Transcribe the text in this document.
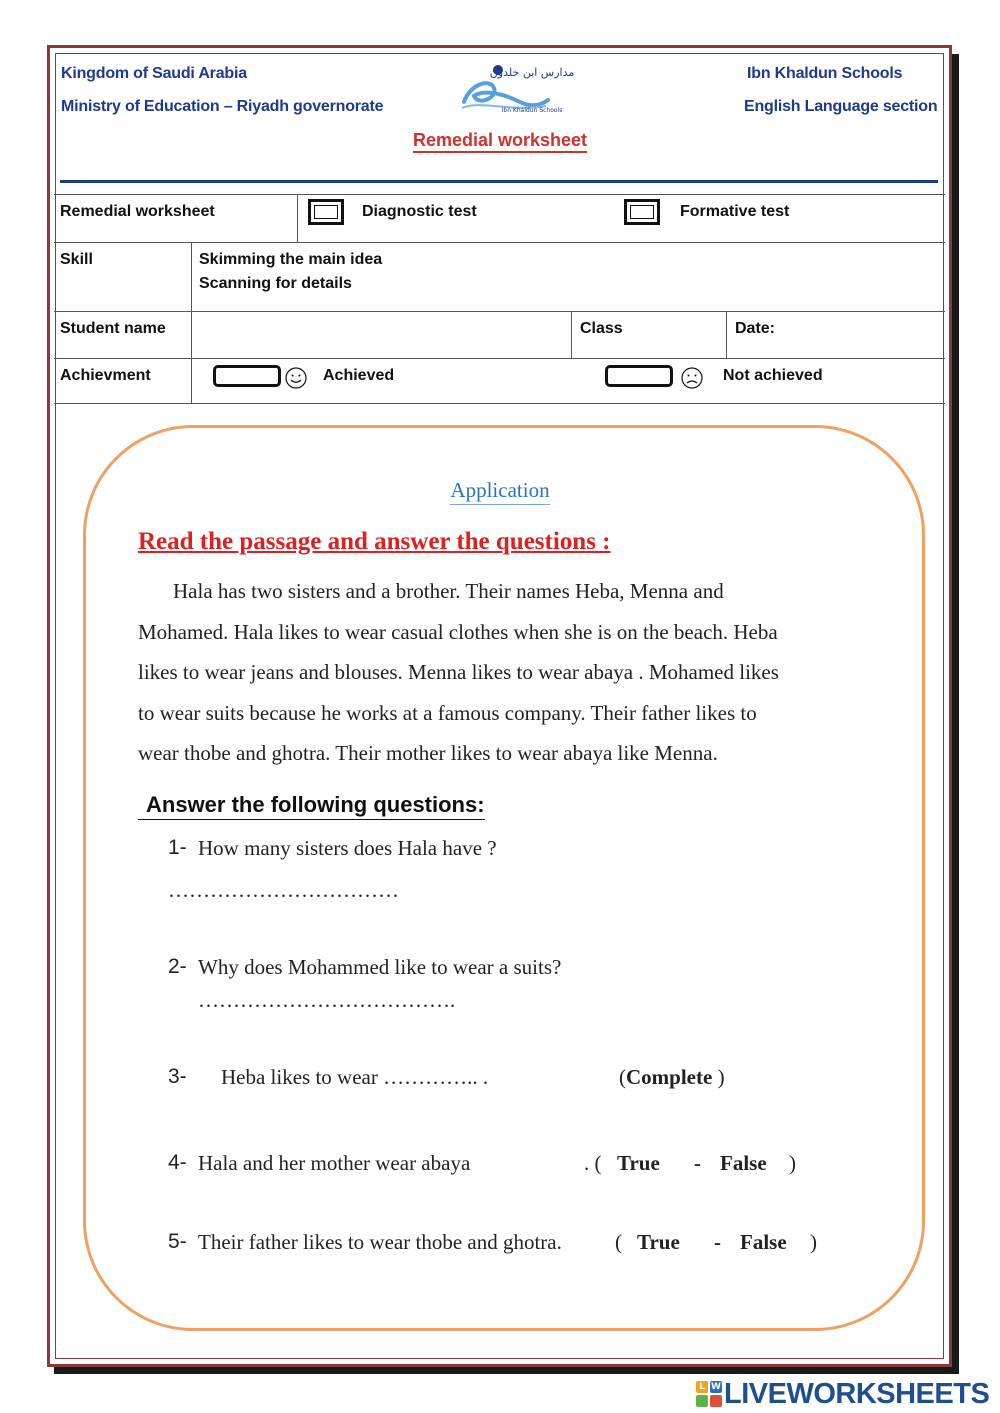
Kingdom of Saudi Arabia
Ministry of Education – Riyadh governorate
Ibn Khaldun Schools
English Language section
مدارس ابن خلدون
Ibn Khaldun Schools
Remedial worksheet
Remedial worksheet	Diagnostic test	Formative test
Skill	Skimming the main idea
Scanning for details
Student name	Class	Date:
Achievment	Achieved	Not achieved
Application
Read the passage and answer the questions :
Hala has two sisters and a brother. Their names Heba, Menna and
Mohamed. Hala likes to wear casual clothes when she is on the beach. Heba
likes to wear jeans and blouses. Menna likes to wear abaya . Mohamed likes
to wear suits because he works at a famous company. Their father likes to
wear thobe and ghotra. Their mother likes to wear abaya like Menna.
Answer the following questions:
1- How many sisters does Hala have ?
……………………………
2- Why does Mohammed like to wear a suits?
……………………………….
3- Heba likes to wear ………….. .	(Complete )
4- Hala and her mother wear abaya	. ( True - False )
5- Their father likes to wear thobe and ghotra.	( True - False )
L W LIVEWORKSHEETS
